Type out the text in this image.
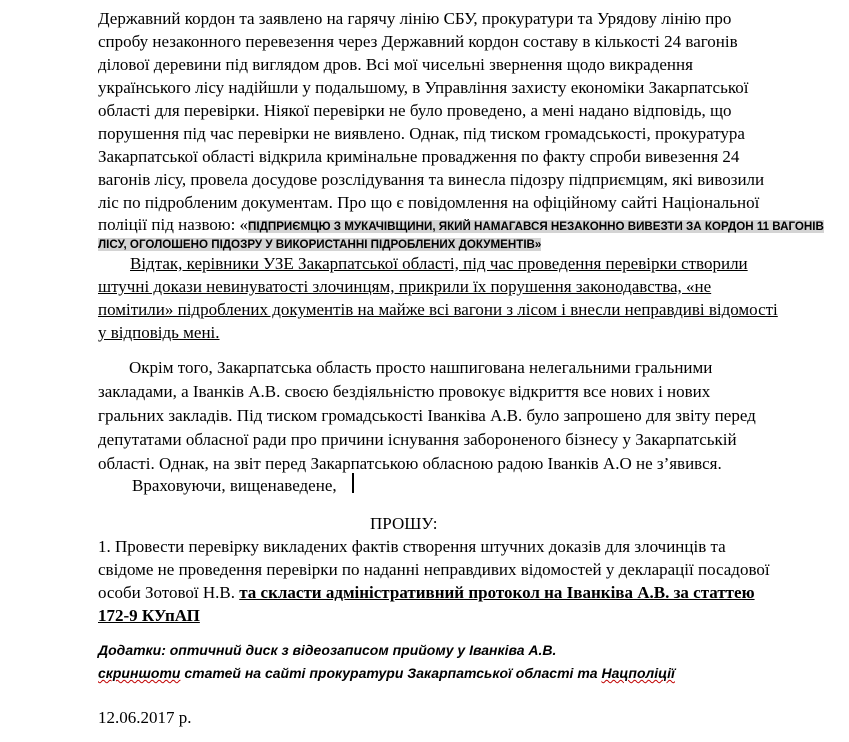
Державний кордон та заявлено на гарячу лінію СБУ, прокуратури та Урядову лінію про
спробу незаконного перевезення через Державний кордон составу в кількості 24 вагонів
ділової деревини під виглядом дров. Всі мої чисельні звернення щодо викрадення
українського лісу надійшли у подальшому, в Управління захисту економіки Закарпатської
області для перевірки. Ніякої перевірки не було проведено, а мені надано відповідь, що
порушення під час перевірки не виявлено. Однак, під тиском громадськості, прокуратура
Закарпатської області відкрила кримінальне провадження по факту спроби вивезення 24
вагонів лісу, провела досудове розслідування та винесла підозру підприємцям, які вивозили
ліс по підробленим документам. Про що є повідомлення на офіційному сайті Національної
поліції під назвою: «ПІДПРИЄМЦЮ З МУКАЧІВЩИНИ, ЯКИЙ НАМАГАВСЯ НЕЗАКОННО ВИВЕЗТИ ЗА КОРДОН 11 ВАГОНІВ
ЛІСУ, ОГОЛОШЕНО ПІДОЗРУ У ВИКОРИСТАННІ ПІДРОБЛЕНИХ ДОКУМЕНТІВ»
Відтак, керівники УЗЕ Закарпатської області, під час проведення перевірки створили
штучні докази невинуватості злочинцям, прикрили їх порушення законодавства, «не
помітили» підроблених документів на майже всі вагони з лісом і внесли неправдиві відомості
у відповідь мені.
Окрім того, Закарпатська область просто нашпигована нелегальними гральними
закладами, а Іванків А.В. своєю бездіяльністю провокує відкриття все нових і нових
гральних закладів. Під тиском громадськості Іванківа А.В. було запрошено для звіту перед
депутатами обласної ради про причини існування забороненого бізнесу у Закарпатській
області. Однак, на звіт перед Закарпатською обласною радою Іванків А.О не з’явився.
Враховуючи, вищенаведене,
ПРОШУ:
1. Провести перевірку викладених фактів створення штучних доказів для злочинців та
свідоме не проведення перевірки по наданні неправдивих відомостей у декларації посадової
особи Зотової Н.В. та скласти адміністративний протокол на Іванківа А.В. за статтею
172-9 КУпАП
Додатки: оптичний диск з відеозаписом прийому у Іванківа А.В.
скриншоти статей на сайті прокуратури Закарпатської області та Нацполіції
12.06.2017 р.
